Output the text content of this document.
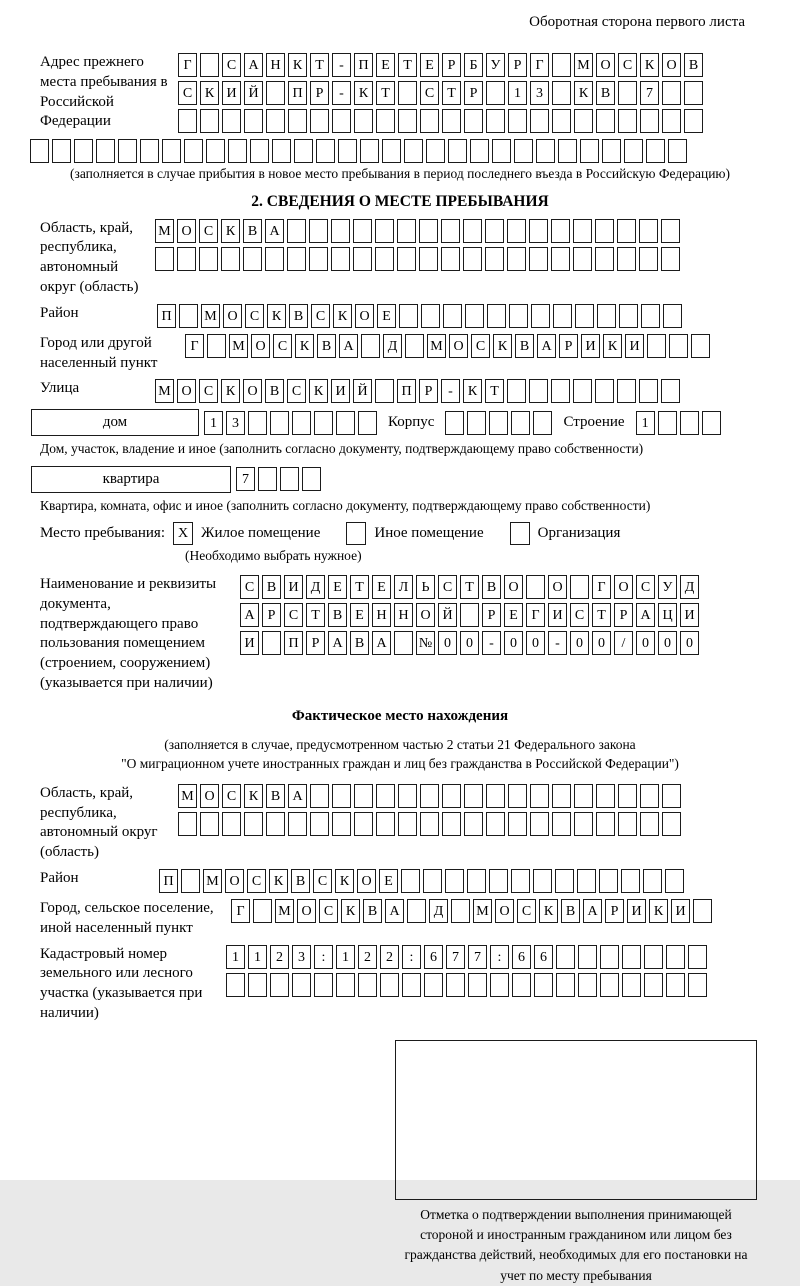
Оборотная сторона первого листа
Адрес прежнего места пребывания в Российской Федерации
Г	С А Н К Т	-	П Е Т Е Р	Б У Р	Г	М О С К О В
С К И Й	П Р	-	К Т	С Т Р	1	3	К В	7
(заполняется в случае прибытия в новое место пребывания в период последнего въезда в Российскую Федерацию)
2. СВЕДЕНИЯ О МЕСТЕ ПРЕБЫВАНИЯ
Область, край, республика, автономный округ (область)
М О С К В А
Район	П	М О С К В С К О Е
Город или другой населенный пункт
Г	М О С К В А	Д	М О С К В А Р И К И
Улица	М О С К О В С К И Й	П Р	-	К Т
дом	1	3	Корпус	Строение	1
Дом, участок, владение и иное (заполнить согласно документу, подтверждающему право собственности)
квартира	7
Квартира, комната, офис и иное (заполнить согласно документу, подтверждающему право собственности)
Место пребывания: X Жилое помещение	Иное помещение	Организация
(Необходимо выбрать нужное)
Наименование и реквизиты документа, подтверждающего право пользования помещением (строением, сооружением) (указывается при наличии)
С В И Д Е Т Е Л Ь С Т В О	О	Г О С У Д
А Р С Т В Е Н Н О Й	Р Е Г И С Т Р А Ц И
И	П Р А В А	№ 0	0	-	0	0	-	0	0	/	0	0	0
Фактическое место нахождения
(заполняется в случае, предусмотренном частью 2 статьи 21 Федерального закона
"О миграционном учете иностранных граждан и лиц без гражданства в Российской Федерации")
Область, край, республика, автономный округ (область)
М О С К В А
Район	П	М О С К В С К О Е
Город, сельское поселение, иной населенный пункт
Г	М О С К В А	Д	М О С К В А Р И К И
Кадастровый номер земельного или лесного участка (указывается при наличии)
1	1	2	3	:	1	2	2	:	6	7	7	:	6	6
Отметка о подтверждении выполнения принимающей стороной и иностранным гражданином или лицом без гражданства действий, необходимых для его постановки на учет по месту пребывания
